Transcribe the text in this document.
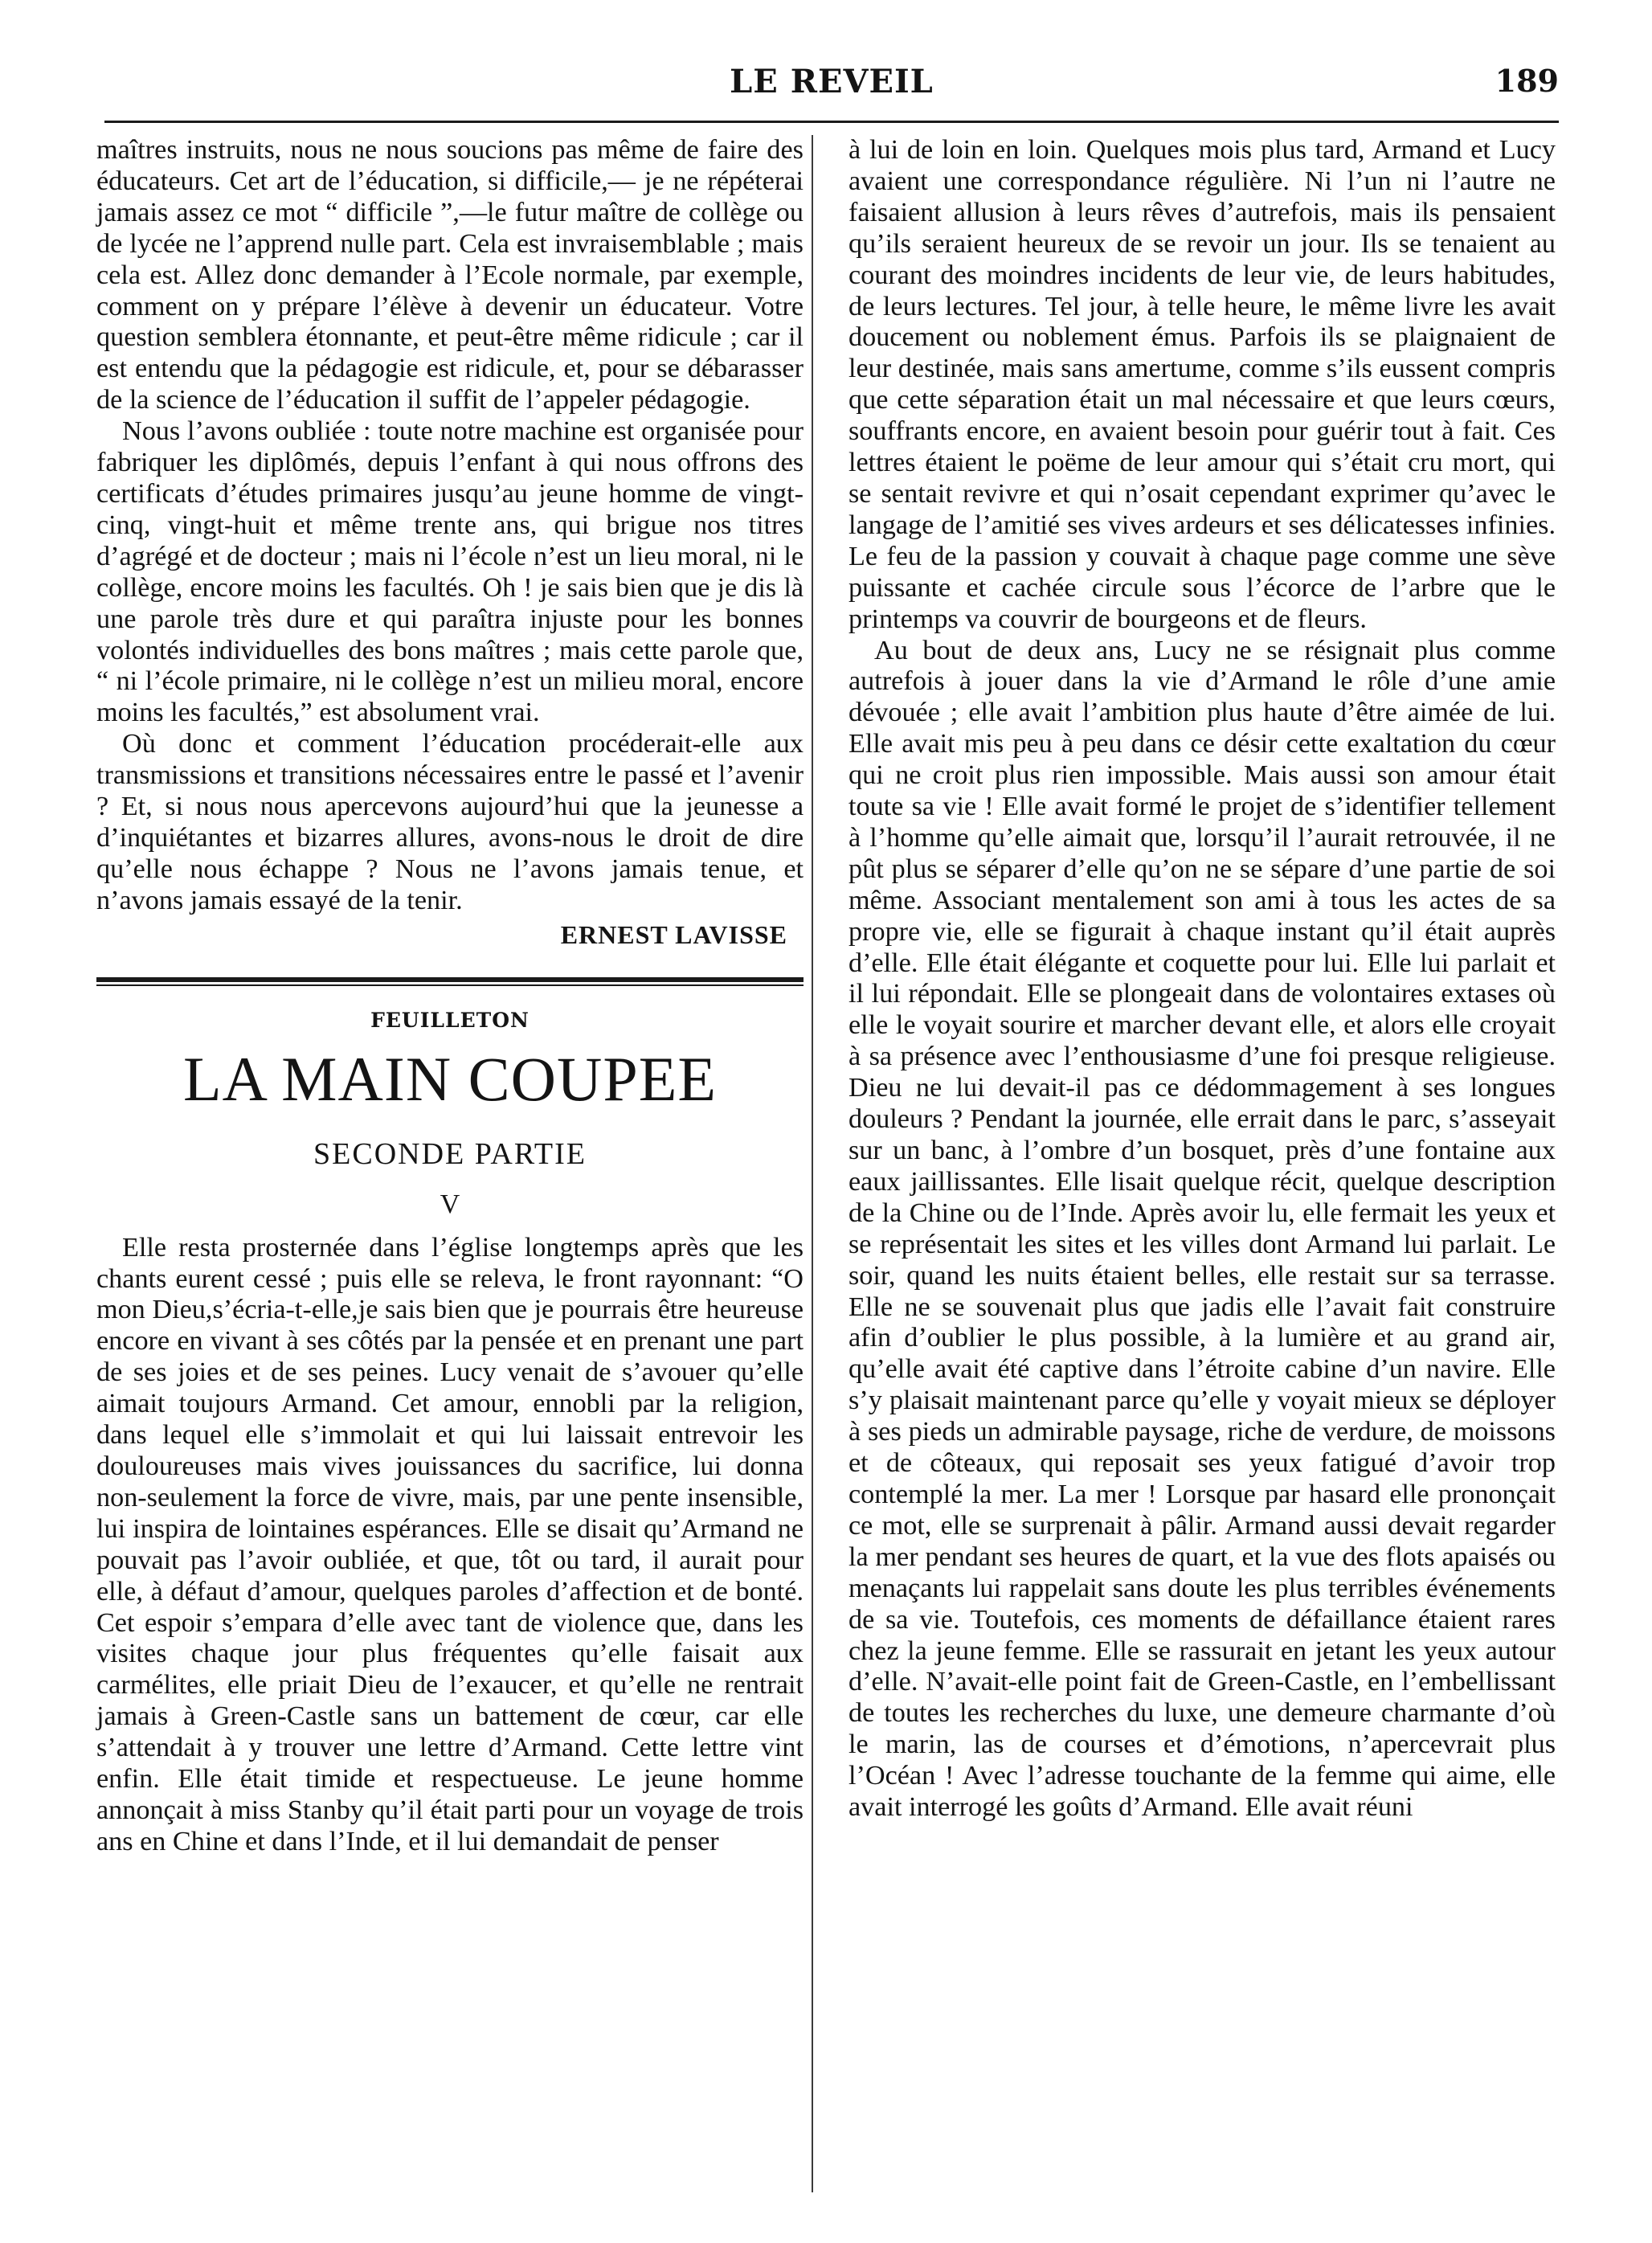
LE REVEIL	189

maîtres instruits, nous ne nous soucions pas même de faire des éducateurs. Cet art de l’éducation, si difficile,— je ne répéterai jamais assez ce mot “ difficile ”,—le futur maître de collège ou de lycée ne l’apprend nulle part. Cela est invraisemblable ; mais cela est. Allez donc demander à l’Ecole normale, par exemple, comment on y prépare l’élève à devenir un éducateur. Votre question semblera étonnante, et peut-être même ridicule ; car il est entendu que la pédagogie est ridicule, et, pour se débarasser de la science de l’éducation il suffit de l’appeler pédagogie.

Nous l’avons oubliée : toute notre machine est organisée pour fabriquer les diplômés, depuis l’enfant à qui nous offrons des certificats d’études primaires jusqu’au jeune homme de vingt-cinq, vingt-huit et même trente ans, qui brigue nos titres d’agrégé et de docteur ; mais ni l’école n’est un lieu moral, ni le collège, encore moins les facultés. Oh ! je sais bien que je dis là une parole très dure et qui paraîtra injuste pour les bonnes volontés individuelles des bons maîtres ; mais cette parole que, “ ni l’école primaire, ni le collège n’est un milieu moral, encore moins les facultés,” est absolument vrai.

Où donc et comment l’éducation procéderait-elle aux transmissions et transitions nécessaires entre le passé et l’avenir ? Et, si nous nous apercevons aujourd’hui que la jeunesse a d’inquiétantes et bizarres allures, avons-nous le droit de dire qu’elle nous échappe ? Nous ne l’avons jamais tenue, et n’avons jamais essayé de la tenir.

ERNEST LAVISSE
FEUILLETON
LA MAIN COUPEE
SECONDE PARTIE
V

Elle resta prosternée dans l’église longtemps après que les chants eurent cessé ; puis elle se releva, le front rayonnant: “O mon Dieu,s’écria-t-elle,je sais bien que je pourrais être heureuse encore en vivant à ses côtés par la pensée et en prenant une part de ses joies et de ses peines. Lucy venait de s’avouer qu’elle aimait toujours Armand. Cet amour, ennobli par la religion, dans lequel elle s’immolait et qui lui laissait entrevoir les douloureuses mais vives jouissances du sacrifice, lui donna non-seulement la force de vivre, mais, par une pente insensible, lui inspira de lointaines espérances. Elle se disait qu’Armand ne pouvait pas l’avoir oubliée, et que, tôt ou tard, il aurait pour elle, à défaut d’amour, quelques paroles d’affection et de bonté. Cet espoir s’empara d’elle avec tant de violence que, dans les visites chaque jour plus fréquentes qu’elle faisait aux carmélites, elle priait Dieu de l’exaucer, et qu’elle ne rentrait jamais à Green-Castle sans un battement de cœur, car elle s’attendait à y trouver une lettre d’Armand. Cette lettre vint enfin. Elle était timide et respectueuse. Le jeune homme annonçait à miss Stanby qu’il était parti pour un voyage de trois ans en Chine et dans l’Inde, et il lui demandait de penser

à lui de loin en loin. Quelques mois plus tard, Armand et Lucy avaient une correspondance régulière. Ni l’un ni l’autre ne faisaient allusion à leurs rêves d’autrefois, mais ils pensaient qu’ils seraient heureux de se revoir un jour. Ils se tenaient au courant des moindres incidents de leur vie, de leurs habitudes, de leurs lectures. Tel jour, à telle heure, le même livre les avait doucement ou noblement émus. Parfois ils se plaignaient de leur destinée, mais sans amertume, comme s’ils eussent compris que cette séparation était un mal nécessaire et que leurs cœurs, souffrants encore, en avaient besoin pour guérir tout à fait. Ces lettres étaient le poëme de leur amour qui s’était cru mort, qui se sentait revivre et qui n’osait cependant exprimer qu’avec le langage de l’amitié ses vives ardeurs et ses délicatesses infinies. Le feu de la passion y couvait à chaque page comme une sève puissante et cachée circule sous l’écorce de l’arbre que le printemps va couvrir de bourgeons et de fleurs.

Au bout de deux ans, Lucy ne se résignait plus comme autrefois à jouer dans la vie d’Armand le rôle d’une amie dévouée ; elle avait l’ambition plus haute d’être aimée de lui. Elle avait mis peu à peu dans ce désir cette exaltation du cœur qui ne croit plus rien impossible. Mais aussi son amour était toute sa vie ! Elle avait formé le projet de s’identifier tellement à l’homme qu’elle aimait que, lorsqu’il l’aurait retrouvée, il ne pût plus se séparer d’elle qu’on ne se sépare d’une partie de soi même. Associant mentalement son ami à tous les actes de sa propre vie, elle se figurait à chaque instant qu’il était auprès d’elle. Elle était élégante et coquette pour lui. Elle lui parlait et il lui répondait. Elle se plongeait dans de volontaires extases où elle le voyait sourire et marcher devant elle, et alors elle croyait à sa présence avec l’enthousiasme d’une foi presque religieuse. Dieu ne lui devait-il pas ce dédommagement à ses longues douleurs ? Pendant la journée, elle errait dans le parc, s’asseyait sur un banc, à l’ombre d’un bosquet, près d’une fontaine aux eaux jaillissantes. Elle lisait quelque récit, quelque description de la Chine ou de l’Inde. Après avoir lu, elle fermait les yeux et se représentait les sites et les villes dont Armand lui parlait. Le soir, quand les nuits étaient belles, elle restait sur sa terrasse. Elle ne se souvenait plus que jadis elle l’avait fait construire afin d’oublier le plus possible, à la lumière et au grand air, qu’elle avait été captive dans l’étroite cabine d’un navire. Elle s’y plaisait maintenant parce qu’elle y voyait mieux se déployer à ses pieds un admirable paysage, riche de verdure, de moissons et de côteaux, qui reposait ses yeux fatigué d’avoir trop contemplé la mer. La mer ! Lorsque par hasard elle prononçait ce mot, elle se surprenait à pâlir. Armand aussi devait regarder la mer pendant ses heures de quart, et la vue des flots apaisés ou menaçants lui rappelait sans doute les plus terribles événements de sa vie. Toutefois, ces moments de défaillance étaient rares chez la jeune femme. Elle se rassurait en jetant les yeux autour d’elle. N’avait-elle point fait de Green-Castle, en l’embellissant de toutes les recherches du luxe, une demeure charmante d’où le marin, las de courses et d’émotions, n’apercevrait plus l’Océan ! Avec l’adresse touchante de la femme qui aime, elle avait interrogé les goûts d’Armand. Elle avait réuni
